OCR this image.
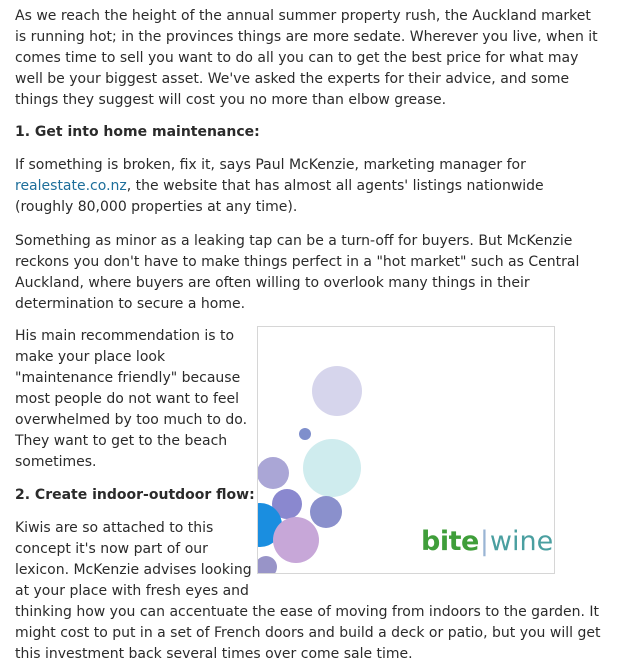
As we reach the height of the annual summer property rush, the Auckland market
is running hot; in the provinces things are more sedate. Wherever you live, when it
comes time to sell you want to do all you can to get the best price for what may
well be your biggest asset. We've asked the experts for their advice, and some
things they suggest will cost you no more than elbow grease.
1. Get into home maintenance:
If something is broken, fix it, says Paul McKenzie, marketing manager for
realestate.co.nz, the website that has almost all agents' listings nationwide
(roughly 80,000 properties at any time).
Something as minor as a leaking tap can be a turn-off for buyers. But McKenzie
reckons you don't have to make things perfect in a "hot market" such as Central
Auckland, where buyers are often willing to overlook many things in their
determination to secure a home.
His main recommendation is to
make your place look
"maintenance friendly" because
most people do not want to feel
overwhelmed by too much to do.
They want to get to the beach
sometimes.
2. Create indoor-outdoor flow:
Kiwis are so attached to this
concept it's now part of our
lexicon. McKenzie advises looking
at your place with fresh eyes and
thinking how you can accentuate the ease of moving from indoors to the garden. It
might cost to put in a set of French doors and build a deck or patio, but you will get
this investment back several times over come sale time.
bite|wine
